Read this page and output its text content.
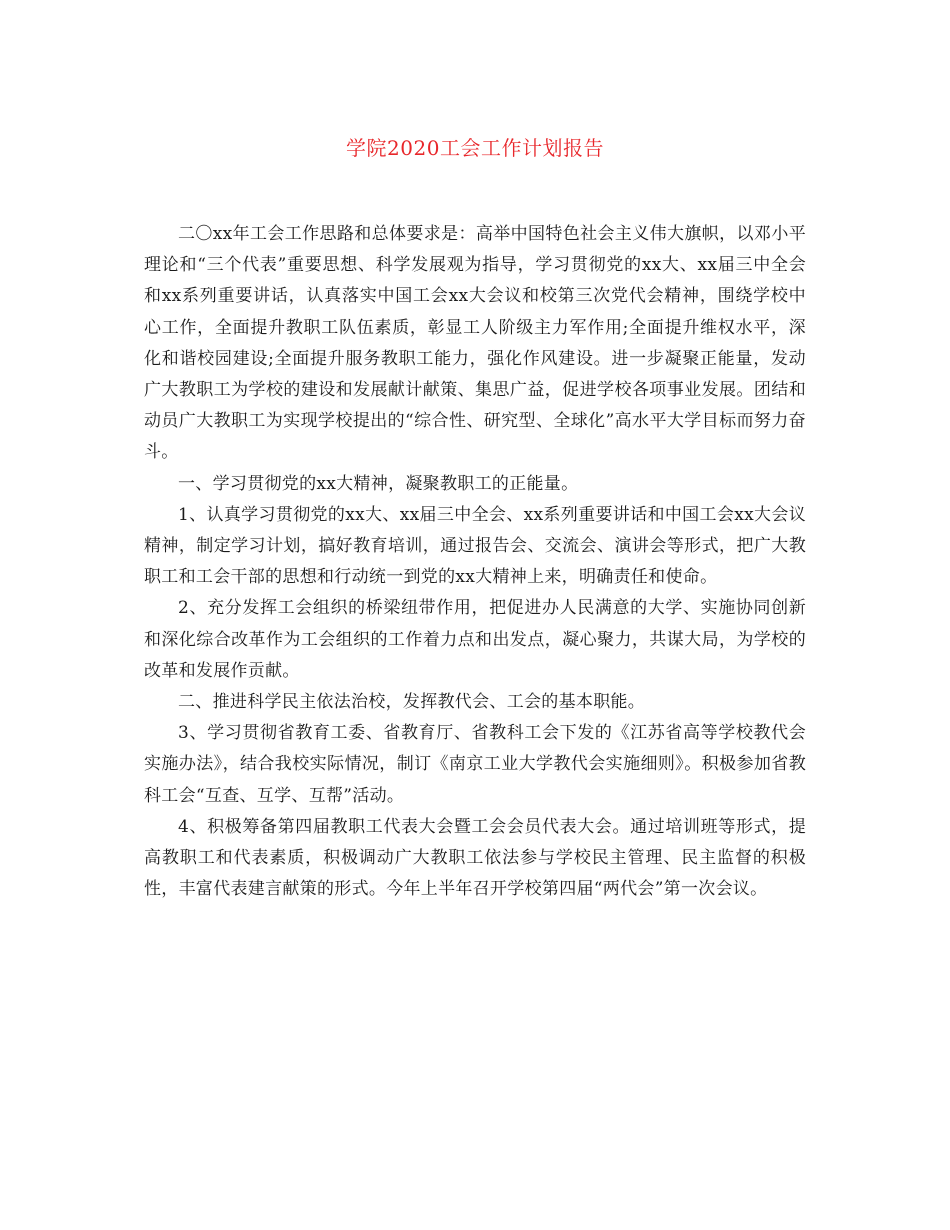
学院2020工会工作计划报告

二〇xx年工会工作思路和总体要求是：高举中国特色社会主义伟大旗帜，以邓小平理论和“三个代表”重要思想、科学发展观为指导，学习贯彻党的xx大、xx届三中全会和xx系列重要讲话，认真落实中国工会xx大会议和校第三次党代会精神，围绕学校中心工作，全面提升教职工队伍素质，彰显工人阶级主力军作用;全面提升维权水平，深化和谐校园建设;全面提升服务教职工能力，强化作风建设。进一步凝聚正能量，发动广大教职工为学校的建设和发展献计献策、集思广益，促进学校各项事业发展。团结和动员广大教职工为实现学校提出的“综合性、研究型、全球化”高水平大学目标而努力奋斗。

一、学习贯彻党的xx大精神，凝聚教职工的正能量。

1、认真学习贯彻党的xx大、xx届三中全会、xx系列重要讲话和中国工会xx大会议精神，制定学习计划，搞好教育培训，通过报告会、交流会、演讲会等形式，把广大教职工和工会干部的思想和行动统一到党的xx大精神上来，明确责任和使命。

2、充分发挥工会组织的桥梁纽带作用，把促进办人民满意的大学、实施协同创新和深化综合改革作为工会组织的工作着力点和出发点，凝心聚力，共谋大局，为学校的改革和发展作贡献。

二、推进科学民主依法治校，发挥教代会、工会的基本职能。

3、学习贯彻省教育工委、省教育厅、省教科工会下发的《江苏省高等学校教代会实施办法》，结合我校实际情况，制订《南京工业大学教代会实施细则》。积极参加省教科工会“互查、互学、互帮”活动。

4、积极筹备第四届教职工代表大会暨工会会员代表大会。通过培训班等形式，提高教职工和代表素质，积极调动广大教职工依法参与学校民主管理、民主监督的积极性，丰富代表建言献策的形式。今年上半年召开学校第四届“两代会”第一次会议。
